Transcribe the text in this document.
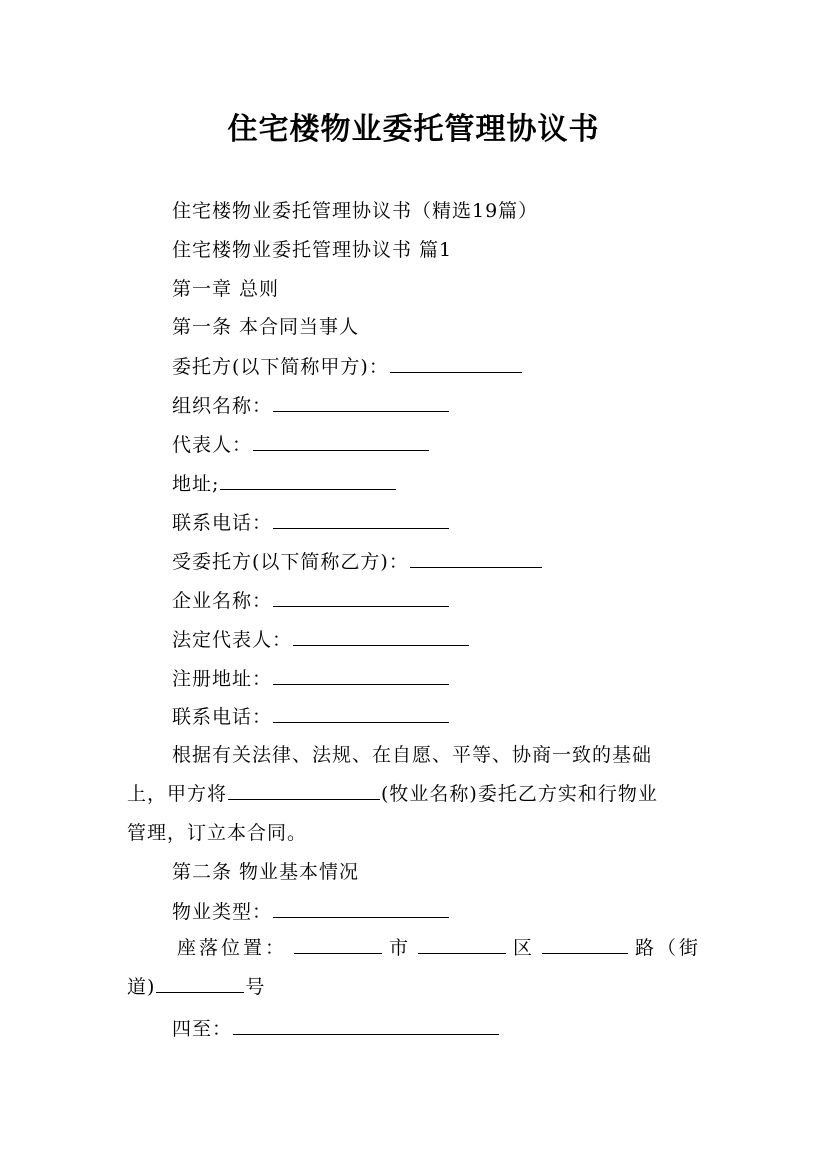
住宅楼物业委托管理协议书
住宅楼物业委托管理协议书（精选19篇）
住宅楼物业委托管理协议书 篇1
第一章 总则
第一条 本合同当事人
委托方(以下简称甲方)：
组织名称：
代表人：
地址;
联系电话：
受委托方(以下简称乙方)：
企业名称：
法定代表人：
注册地址：
联系电话：
根据有关法律、法规、在自愿、平等、协商一致的基础
上，甲方将	(牧业名称)委托乙方实和行物业
管理，订立本合同。
第二条 物业基本情况
物业类型：
座落位置：	市	区	路（街
道)	号
四至：
